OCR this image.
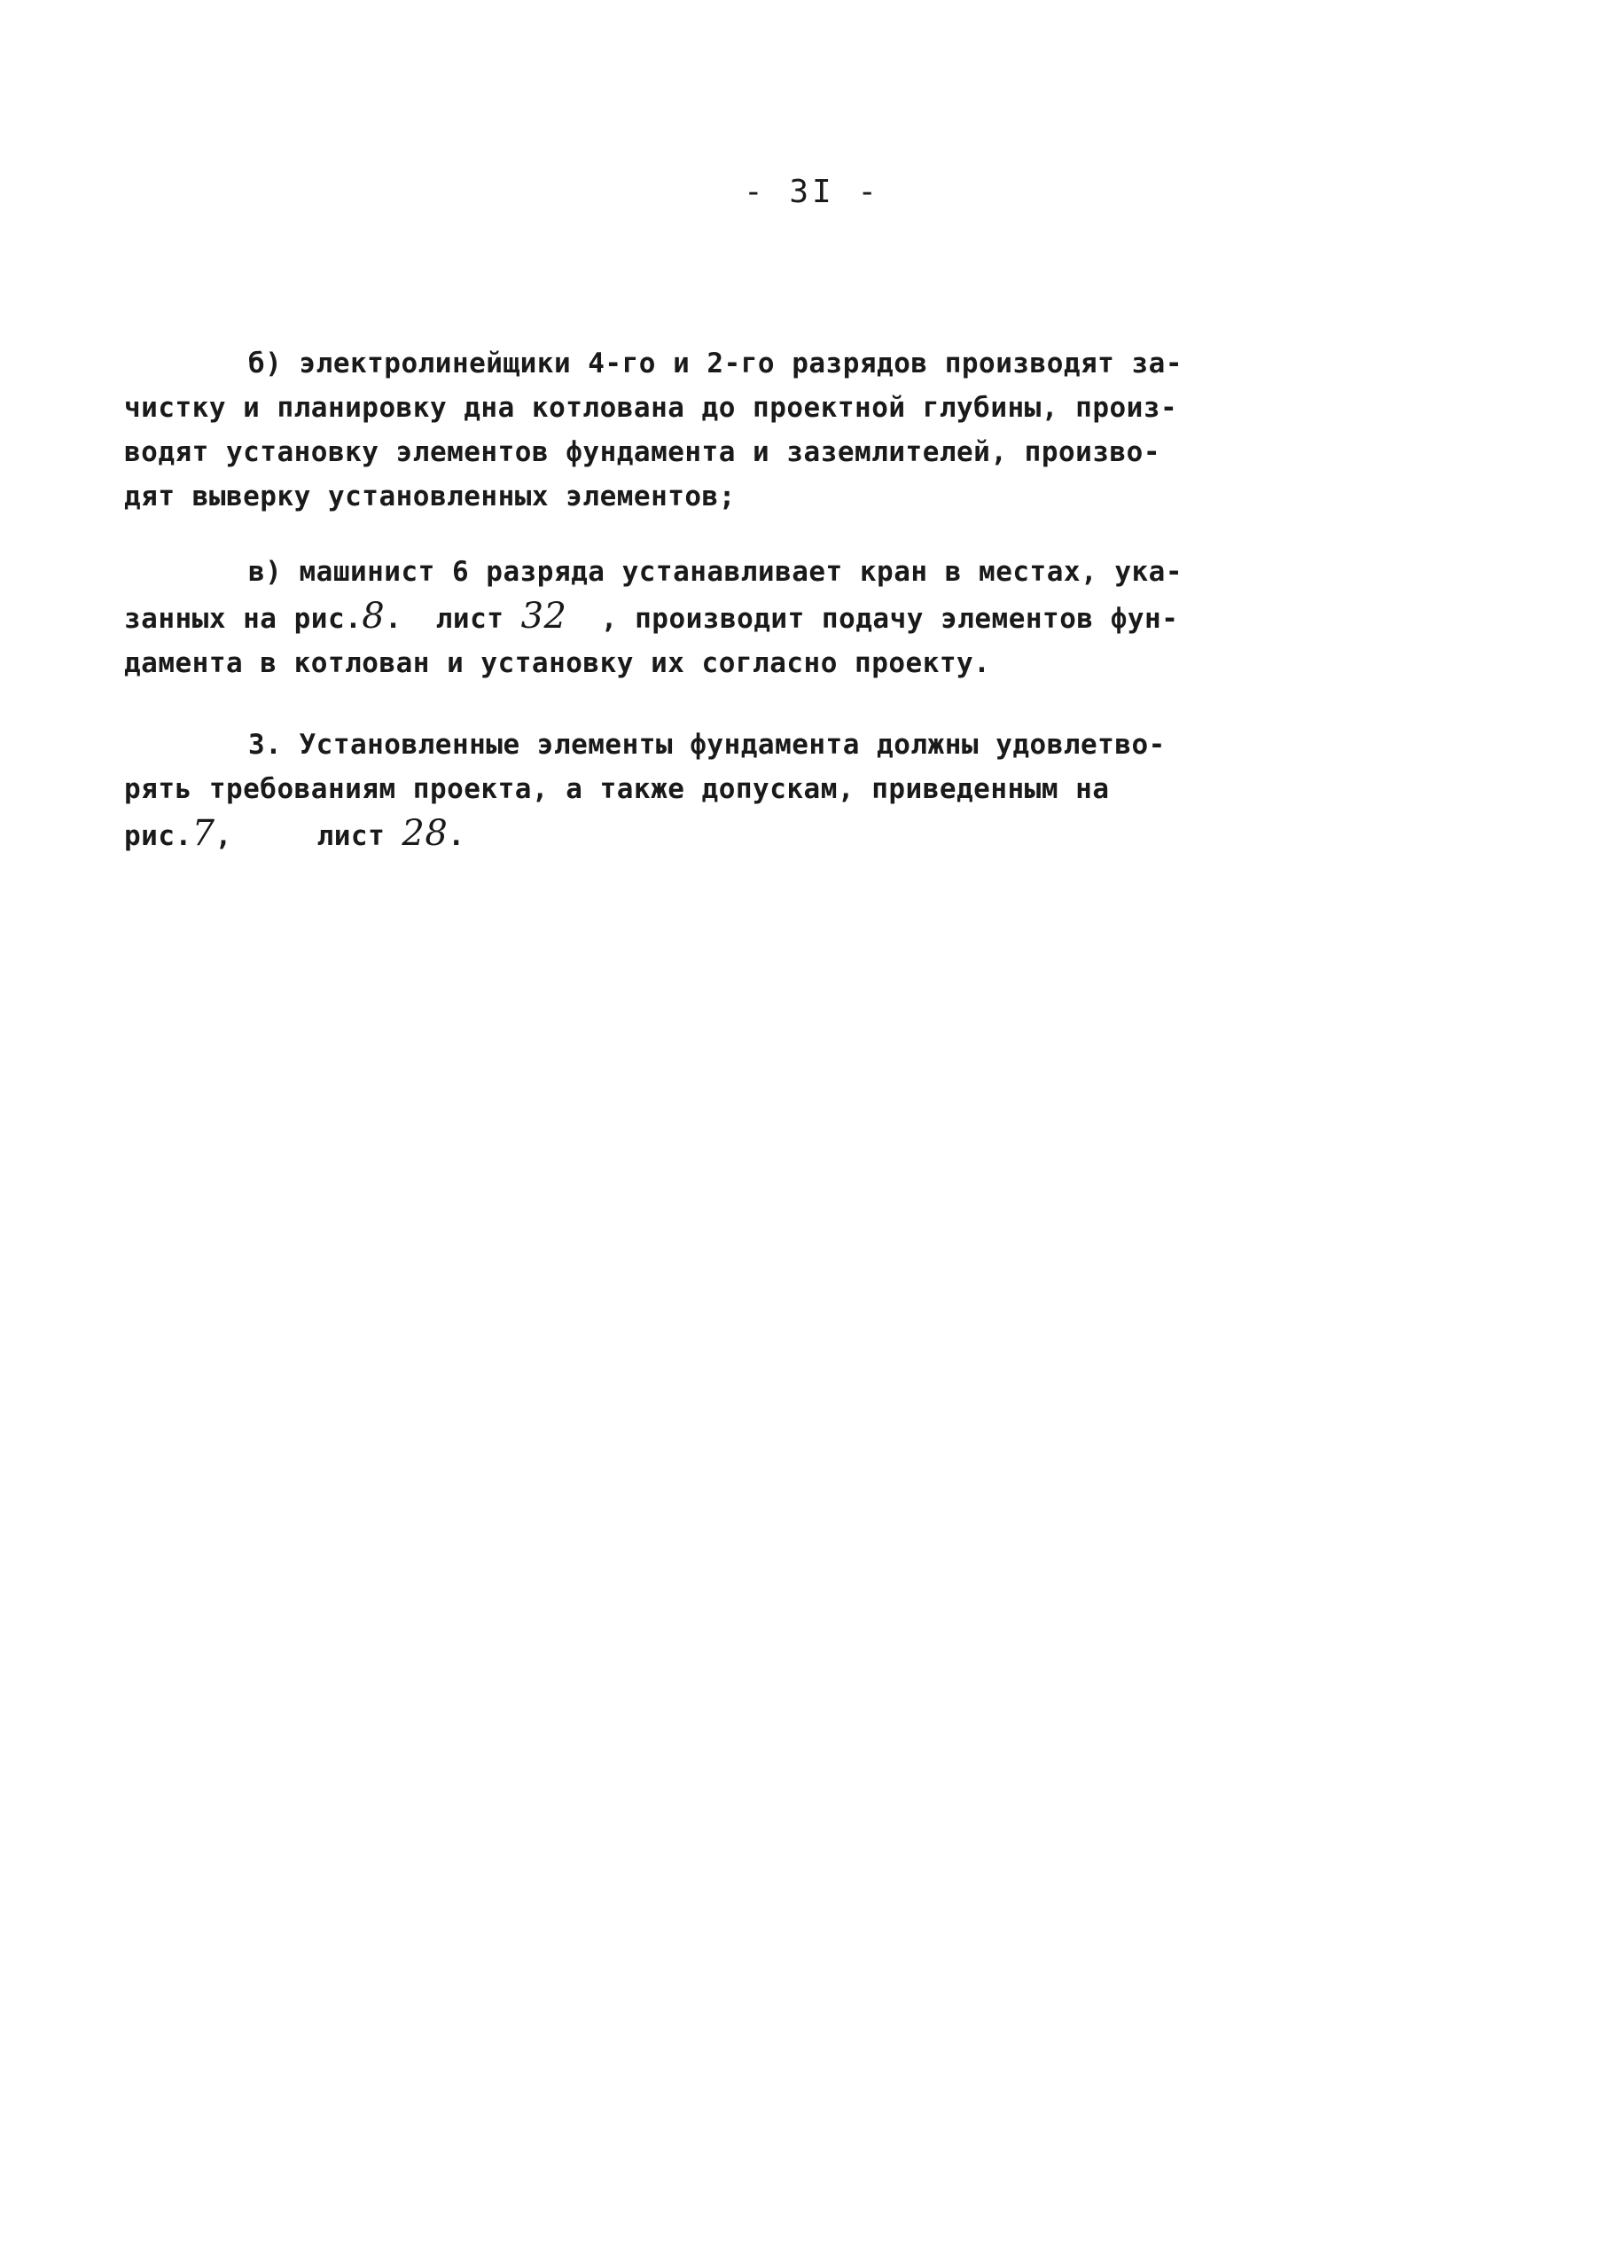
- 3I -

б) электролинейщики 4-го и 2-го разрядов производят за-
чистку и планировку дна котлована до проектной глубины, произ-
водят установку элементов фундамента и заземлителей, произво-
дят выверку установленных элементов;

в) машинист 6 разряда устанавливает кран в местах, ука-
занных на рис.8.  лист 32  , производит подачу элементов фун-
дамента в котлован и установку их согласно проекту.

3. Установленные элементы фундамента должны удовлетво-
рять требованиям проекта, а также допускам, приведенным на
рис.7,     лист 28.
